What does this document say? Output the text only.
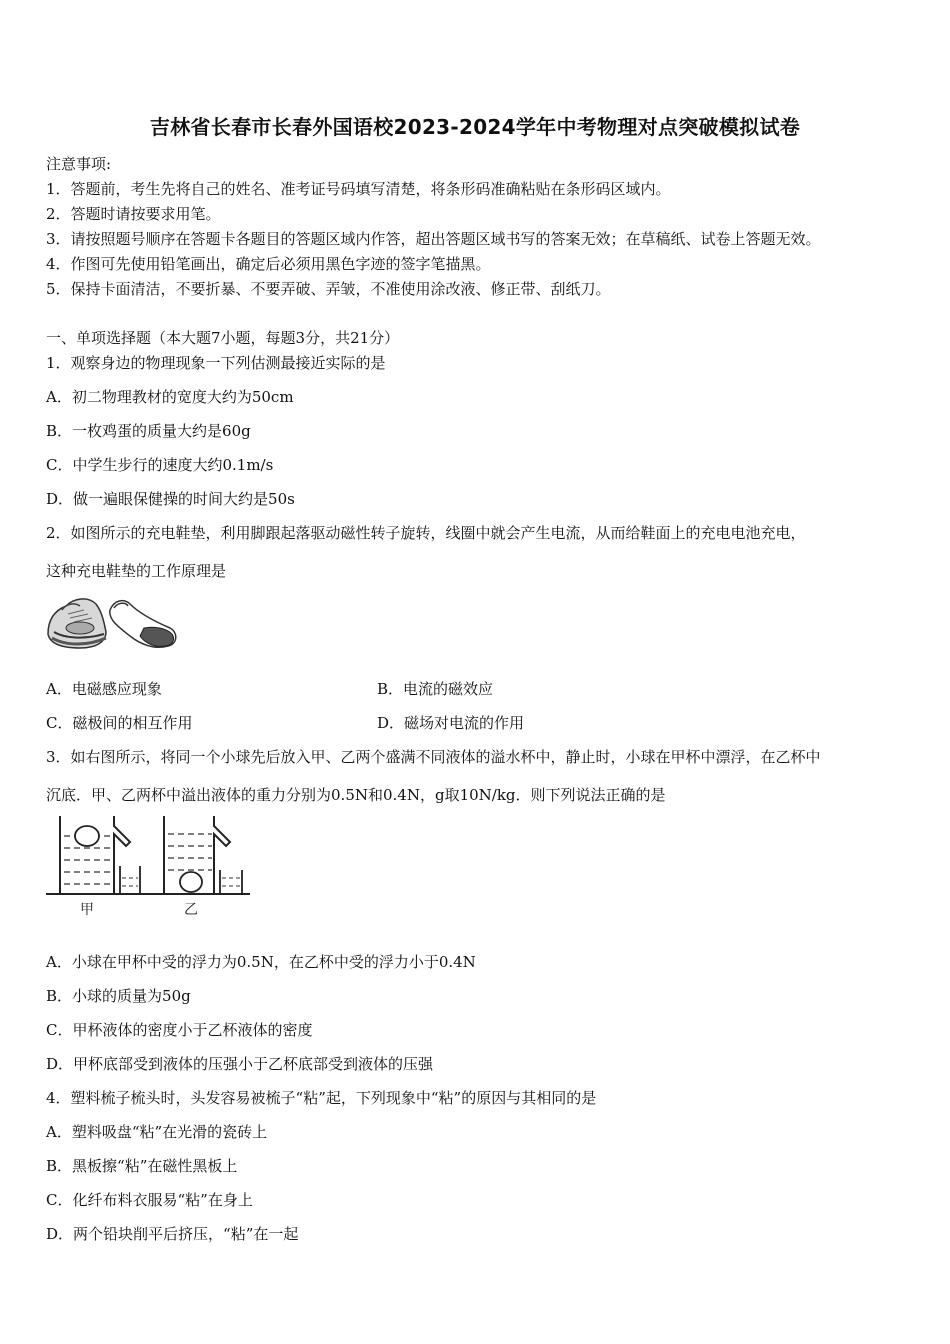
吉林省长春市长春外国语校2023-2024学年中考物理对点突破模拟试卷
注意事项:
1．答题前，考生先将自己的姓名、准考证号码填写清楚，将条形码准确粘贴在条形码区域内。
2．答题时请按要求用笔。
3．请按照题号顺序在答题卡各题目的答题区域内作答，超出答题区域书写的答案无效；在草稿纸、试卷上答题无效。
4．作图可先使用铅笔画出，确定后必须用黑色字迹的签字笔描黑。
5．保持卡面清洁，不要折暴、不要弄破、弄皱，不准使用涂改液、修正带、刮纸刀。
一、单项选择题（本大题7小题，每题3分，共21分）
1．观察身边的物理现象一下列估测最接近实际的是
A．初二物理教材的宽度大约为50cm
B．一枚鸡蛋的质量大约是60g
C．中学生步行的速度大约0.1m/s
D．做一遍眼保健操的时间大约是50s
2．如图所示的充电鞋垫，利用脚跟起落驱动磁性转子旋转，线圈中就会产生电流，从而给鞋面上的充电电池充电，
这种充电鞋垫的工作原理是
A．电磁感应现象	B．电流的磁效应
C．磁极间的相互作用	D．磁场对电流的作用
3．如右图所示，将同一个小球先后放入甲、乙两个盛满不同液体的溢水杯中，静止时，小球在甲杯中漂浮，在乙杯中
沉底．甲、乙两杯中溢出液体的重力分别为0.5N和0.4N，g取10N/kg．则下列说法正确的是
甲	乙
A．小球在甲杯中受的浮力为0.5N，在乙杯中受的浮力小于0.4N
B．小球的质量为50g
C．甲杯液体的密度小于乙杯液体的密度
D．甲杯底部受到液体的压强小于乙杯底部受到液体的压强
4．塑料梳子梳头时，头发容易被梳子“粘”起，下列现象中“粘”的原因与其相同的是
A．塑料吸盘“粘”在光滑的瓷砖上
B．黑板擦“粘”在磁性黑板上
C．化纤布料衣服易“粘”在身上
D．两个铅块削平后挤压，“粘”在一起
